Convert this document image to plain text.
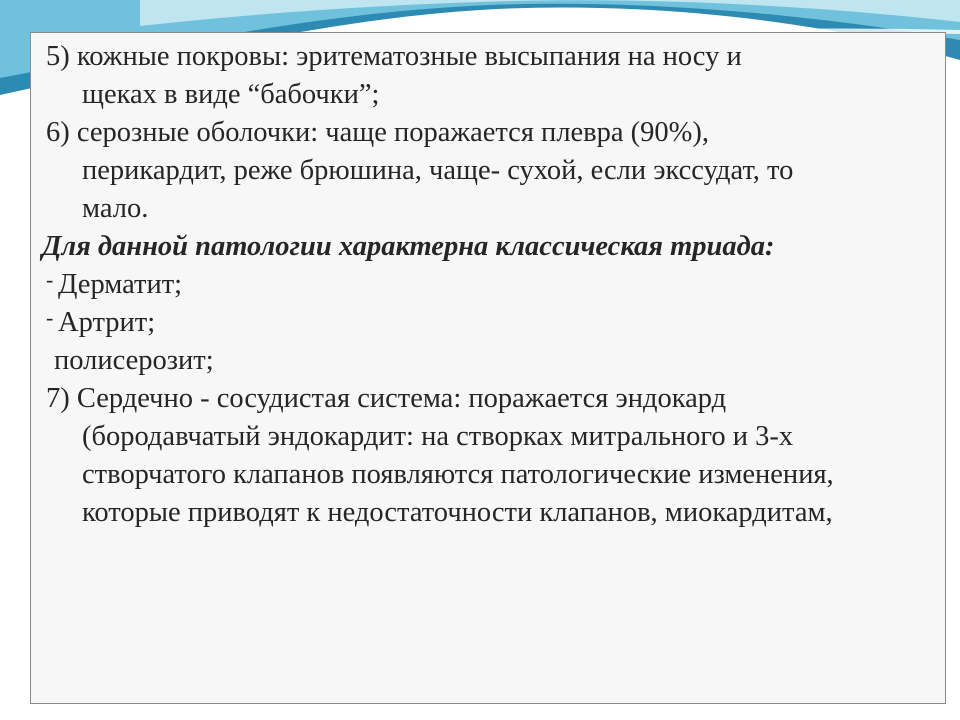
5) кожные покровы: эритематозные высыпания на носу и

щеках в виде “бабочки”;

6) серозные оболочки: чаще поражается плевра (90%),

перикардит, реже брюшина, чаще- сухой, если экссудат, то

мало.

Для данной патологии характерна классическая триада:

- Дерматит;

- Артрит;

полисерозит;

7) Сердечно - сосудистая система: поражается эндокард

(бородавчатый эндокардит: на створках митрального и 3-х

створчатого клапанов появляются патологические изменения,

которые приводят к недостаточности клапанов, миокардитам,
